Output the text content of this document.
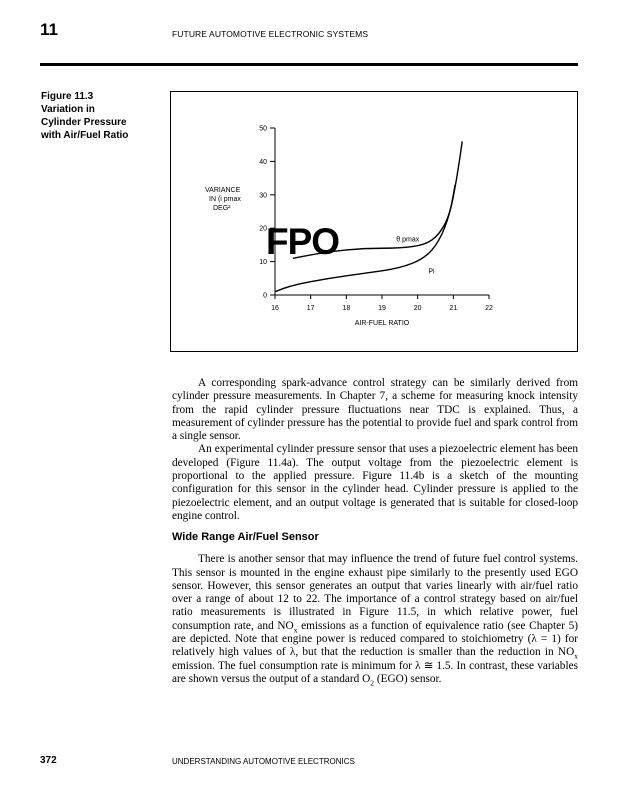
11	FUTURE AUTOMOTIVE ELECTRONIC SYSTEMS
Figure 11.3
Variation in
Cylinder Pressure
with Air/Fuel Ratio
0
10
20
30
40
50
16	17	18	19	20	21	22
θ pmax
Pi
AIR-FUEL RATIO
VARIANCE
IN (i pmax
DEG²
FPO

A corresponding spark-advance control strategy can be similarly derived from cylinder pressure measurements. In Chapter 7, a scheme for measuring knock intensity from the rapid cylinder pressure fluctuations near TDC is explained. Thus, a measurement of cylinder pressure has the potential to provide fuel and spark control from a single sensor.

An experimental cylinder pressure sensor that uses a piezoelectric element has been developed (Figure 11.4a). The output voltage from the piezoelectric element is proportional to the applied pressure. Figure 11.4b is a sketch of the mounting configuration for this sensor in the cylinder head. Cylinder pressure is applied to the piezoelectric element, and an output voltage is generated that is suitable for closed-loop engine control.

Wide Range Air/Fuel Sensor

There is another sensor that may influence the trend of future fuel control systems. This sensor is mounted in the engine exhaust pipe similarly to the presently used EGO sensor. However, this sensor generates an output that varies linearly with air/fuel ratio over a range of about 12 to 22. The importance of a control strategy based on air/fuel ratio measurements is illustrated in Figure 11.5, in which relative power, fuel consumption rate, and $NO_x$ emissions as a function of equivalence ratio (see Chapter 5) are depicted. Note that engine power is reduced compared to stoichiometry (λ = 1) for relatively high values of λ, but that the reduction is smaller than the reduction in $NO_x$ emission. The fuel consumption rate is minimum for λ ≅ 1.5. In contrast, these variables are shown versus the output of a standard $O_2$ (EGO) sensor.

372	UNDERSTANDING AUTOMOTIVE ELECTRONICS
